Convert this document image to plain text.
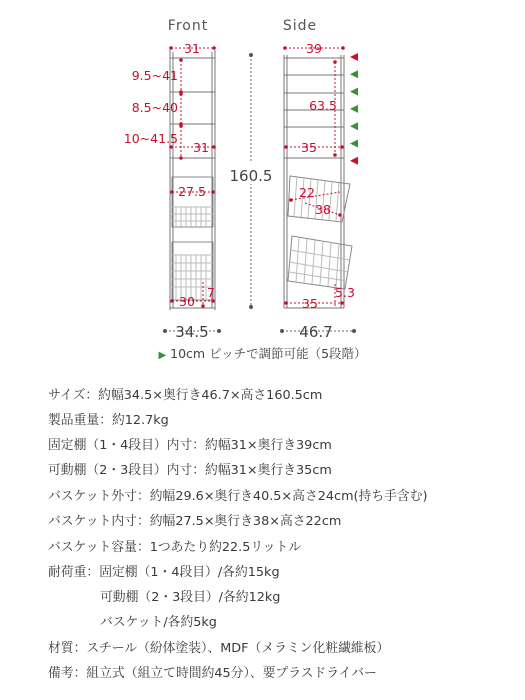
Front	Side
31
9.5~41
8.5~40
10~41.5
31
27.5
30
7
34.5
160.5
39
63.5
35
22
38
35
5.3
46.7
▶ 10cm ピッチで調節可能（5段階）
サイズ：約幅34.5×奥行き46.7×高さ160.5cm
製品重量：約12.7kg
固定棚（1・4段目）内寸：約幅31×奥行き39cm
可動棚（2・3段目）内寸：約幅31×奥行き35cm
バスケット外寸：約幅29.6×奥行き40.5×高さ24cm(持ち手含む)
バスケット内寸：約幅27.5×奥行き38×高さ22cm
バスケット容量：1つあたり約22.5リットル
耐荷重：固定棚（1・4段目）/各約15kg
可動棚（2・3段目）/各約12kg
バスケット/各約5kg
材質：スチール（紛体塗装）、MDF（メラミン化粧繊維板）
備考：組立式（組立て時間約45分）、要プラスドライバー
